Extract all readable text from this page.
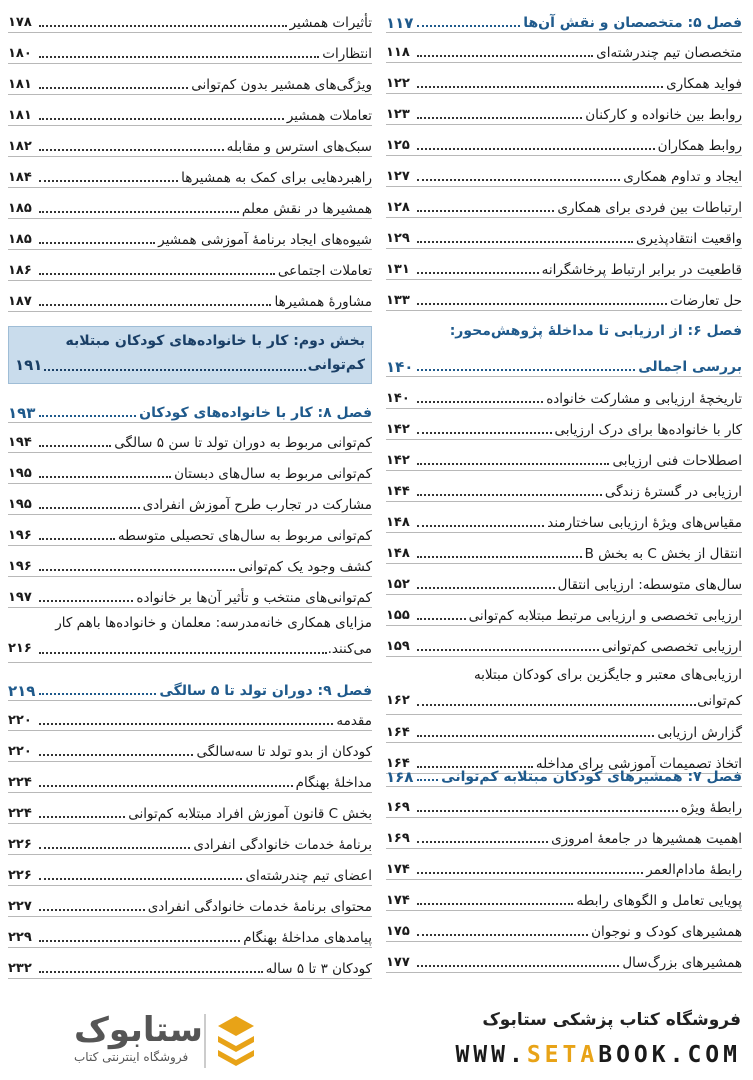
فصل ۵: متخصصان و نقش آن‌ها
۱۱۷
متخصصان تیم چندرشته‌ای
۱۱۸
فواید همکاری
۱۲۲
روابط بین خانواده و کارکنان
۱۲۳
روابط همکاران
۱۲۵
ایجاد و تداوم همکاری
۱۲۷
ارتباطات بین فردی برای همکاری
۱۲۸
واقعیت انتقادپذیری
۱۲۹
قاطعیت در برابر ارتباط پرخاشگرانه
۱۳۱
حل تعارضات
۱۳۳
فصل ۶: از ارزیابی تا مداخلهٔ پژوهش‌محور:
بررسی اجمالی
۱۴۰
تاریخچهٔ ارزیابی و مشارکت خانواده
۱۴۰
کار با خانواده‌ها برای درک ارزیابی
۱۴۲
اصطلاحات فنی ارزیابی
۱۴۲
ارزیابی در گسترهٔ زندگی
۱۴۴
مقیاس‌های ویژهٔ ارزیابی ساختارمند
۱۴۸
انتقال از بخش C به بخش B
۱۴۸
سال‌های متوسطه: ارزیابی انتقال
۱۵۲
ارزیابی تخصصی و ارزیابی مرتبط مبتلابه کم‌توانی
۱۵۵
ارزیابی تخصصی کم‌توانی
۱۵۹
ارزیابی‌های معتبر و جایگزین برای کودکان مبتلابه
کم‌توانی
۱۶۲
گزارش ارزیابی
۱۶۴
اتخاذ تصمیمات آموزشی برای مداخله
۱۶۴
فصل ۷: همشیرهای کودکان مبتلابه کم‌توانی
۱۶۸
رابطهٔ ویژه
۱۶۹
اهمیت همشیرها در جامعهٔ امروزی
۱۶۹
رابطهٔ مادام‌العمر
۱۷۴
پویایی تعامل و الگوهای رابطه
۱۷۴
همشیرهای کودک و نوجوان
۱۷۵
همشیرهای بزرگ‌سال
۱۷۷
تأثیرات همشیر
۱۷۸
انتظارات
۱۸۰
ویژگی‌های همشیر بدون کم‌توانی
۱۸۱
تعاملات همشیر
۱۸۱
سبک‌های استرس و مقابله
۱۸۲
راهبردهایی برای کمک به همشیرها
۱۸۴
همشیرها در نقش معلم
۱۸۵
شیوه‌های ایجاد برنامهٔ آموزشی همشیر
۱۸۵
تعاملات اجتماعی
۱۸۶
مشاورهٔ همشیرها
۱۸۷
بخش دوم: کار با خانواده‌های کودکان مبتلابه
کم‌توانی
۱۹۱
فصل ۸: کار با خانواده‌های کودکان
۱۹۳
کم‌توانی مربوط به دوران تولد تا سن ۵ سالگی
۱۹۴
کم‌توانی مربوط به سال‌های دبستان
۱۹۵
مشارکت در تجارب طرح آموزش انفرادی
۱۹۵
کم‌توانی مربوط به سال‌های تحصیلی متوسطه
۱۹۶
کشف وجود یک کم‌توانی
۱۹۶
کم‌توانی‌های منتخب و تأثیر آن‌ها بر خانواده
۱۹۷
مزایای همکاری خانه‌مدرسه: معلمان و خانواده‌ها باهم کار
می‌کنند.
۲۱۶
فصل ۹: دوران تولد تا ۵ سالگی
۲۱۹
مقدمه
۲۲۰
کودکان از بدو تولد تا سه‌سالگی
۲۲۰
مداخلهٔ بهنگام
۲۲۴
بخش C قانون آموزش افراد مبتلابه کم‌توانی
۲۲۴
برنامهٔ خدمات خانوادگی انفرادی
۲۲۶
اعضای تیم چندرشته‌ای
۲۲۶
محتوای برنامهٔ خدمات خانوادگی انفرادی
۲۲۷
پیامدهای مداخلهٔ بهنگام
۲۲۹
کودکان ۳ تا ۵ ساله
۲۳۲
ستابوک
فروشگاه اینترنتی کتاب
فروشگاه کتاب پزشکی ستابوک
WWW.SETABOOK.COM
